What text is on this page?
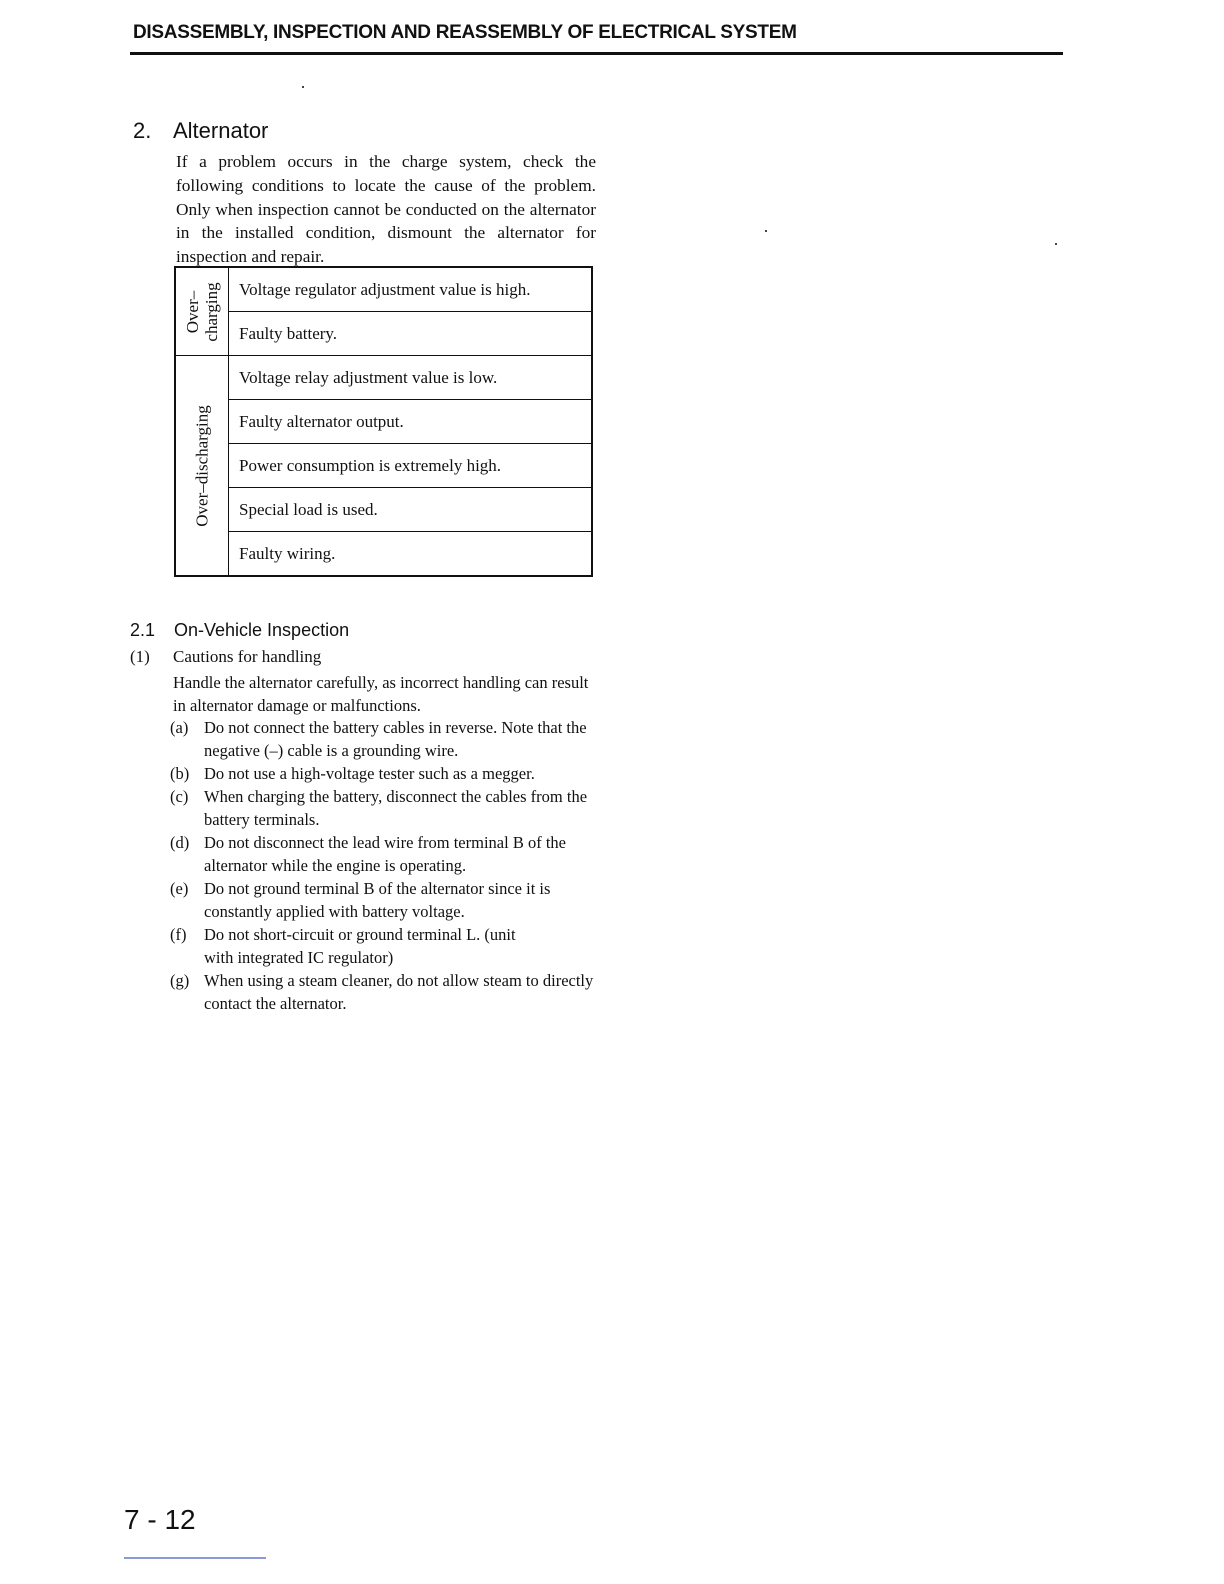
DISASSEMBLY, INSPECTION AND REASSEMBLY OF ELECTRICAL SYSTEM
2. Alternator

If a problem occurs in the charge system, check the following conditions to locate the cause of the problem. Only when inspection cannot be conducted on the alternator in the installed condition, dismount the alternator for inspection and repair.

Over– charging	Voltage regulator adjustment value is high.
	Faulty battery.

Over–discharging	Voltage relay adjustment value is low.
	Faulty alternator output.
	Power consumption is extremely high.
	Special load is used.
	Faulty wiring.
2.1 On-Vehicle Inspection
(1) Cautions for handling
Handle the alternator carefully, as incorrect handling can result in alternator damage or malfunctions.
(a) Do not connect the battery cables in reverse. Note that the negative (–) cable is a grounding wire.
(b) Do not use a high-voltage tester such as a megger.
(c) When charging the battery, disconnect the cables from the battery terminals.
(d) Do not disconnect the lead wire from terminal B of the alternator while the engine is operating.
(e) Do not ground terminal B of the alternator since it is constantly applied with battery voltage.
(f)	Do not short-circuit or ground terminal L. (unit with integrated IC regulator)
(g) When using a steam cleaner, do not allow steam to directly contact the alternator.
7 - 12
